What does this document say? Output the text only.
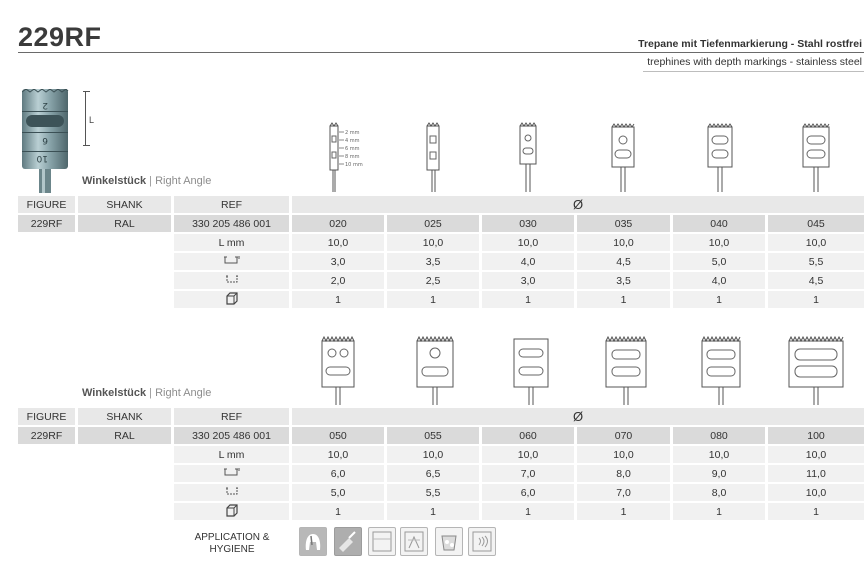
229RF	Trepane mit Tiefenmarkierung - Stahl rostfrei
trephines with depth markings - stainless steel
2
6
10
L
Winkelstück | Right Angle
2 mm
4 mm
6 mm
8 mm
10 mm
FIGURE	SHANK	REF	Ø					
229RF	RAL	330 205 486 001	020	025	030	035	040	045
		L mm	10,0	10,0	10,0	10,0	10,0	10,0
		3,0	3,5	4,0	4,5	5,0	5,5
		2,0	2,5	3,0	3,5	4,0	4,5
		1	1	1	1	1	1
Winkelstück | Right Angle
FIGURE	SHANK	REF	Ø					
229RF	RAL	330 205 486 001	050	055	060	070	080	100
		L mm	10,0	10,0	10,0	10,0	10,0	10,0
		6,0	6,5	7,0	8,0	9,0	11,0
		5,0	5,5	6,0	7,0	8,0	10,0
		1	1	1	1	1	1
APPLICATION &
HYGIENE
